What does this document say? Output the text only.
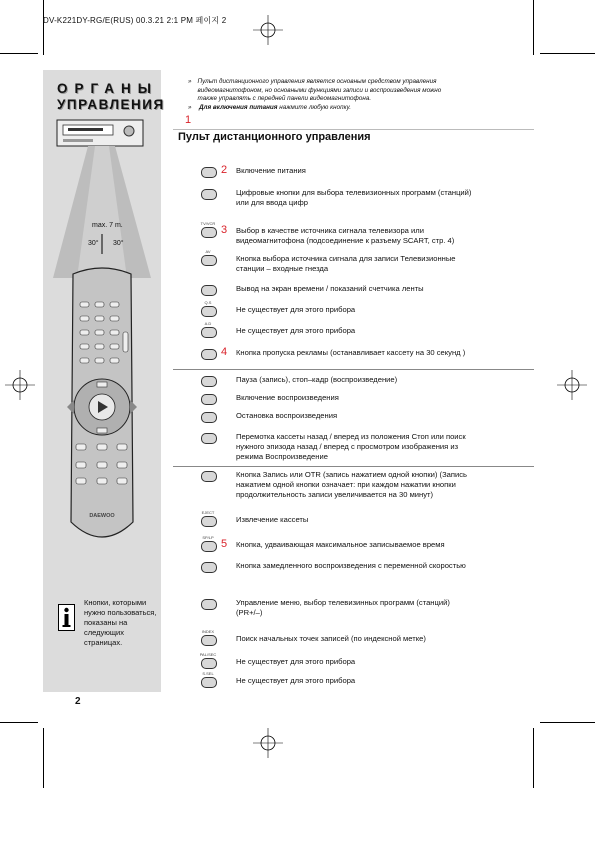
DV-K221DY-RG/E(RUS) 00.3.21 2:1 PM 페이지 2
ОРГАНЫ
УПРАВЛЕНИЯ
DAEWOO
max. 7 m.
30° 30°
Кнопки, которыми нужно пользоваться, показаны на следующих страницах.
» Пульт дистанционного управления является основным средством управления видеомагнитофоном, но основными функциями записи и воспроизведения можно также управлять с передней панели видеомагнитофона.
» Для включения питания нажмите любую кнопку.
1
Пульт дистанционного управления
2 Включение питания
Цифровые кнопки для выбора телевизионных программ (станций) или для ввода цифр
TV/VCR
3 Выбор в качестве источника сигнала телевизора или видеомагнитофона (подсоединение к разъему SCART, стр. 4)
AV
Кнопка выбора источника сигнала для записи Телевизионные станции – входные гнезда
Вывод на экран времени / показаний счетчика ленты
Q.S
Не существует для этого прибора
A.D
Не существует для этого прибора
4 Кнопка пропуска рекламы (останавливает кассету на 30 секунд )
Пауза (запись), стоп–кадр (воспроизведение)
Включение воспроизведения
Остановка воспроизведения
Перемотка кассеты назад / вперед из положения Стоп или поиск нужного эпизода назад / вперед с просмотром изображения из режима Воспроизведение
Кнопка Запись или OTR (запись нажатием одной кнопки) (Запись нажатием одной кнопки означает: при каждом нажатии кнопки продолжительность записи увеличивается на 30 минут)
EJECT
Извлечение кассеты
SP/LP
5 Кнопка, удваивающая максимальное записываемое время
Кнопка замедленного воспроизведения с переменной скоростью
Управление меню, выбор телевизинных программ (станций) (PR+/–)
INDEX
Поиск начальных точек записей (по индексной метке)
PAL/SEC
Не существует для этого прибора
S.SEL
Не существует для этого прибора
2
